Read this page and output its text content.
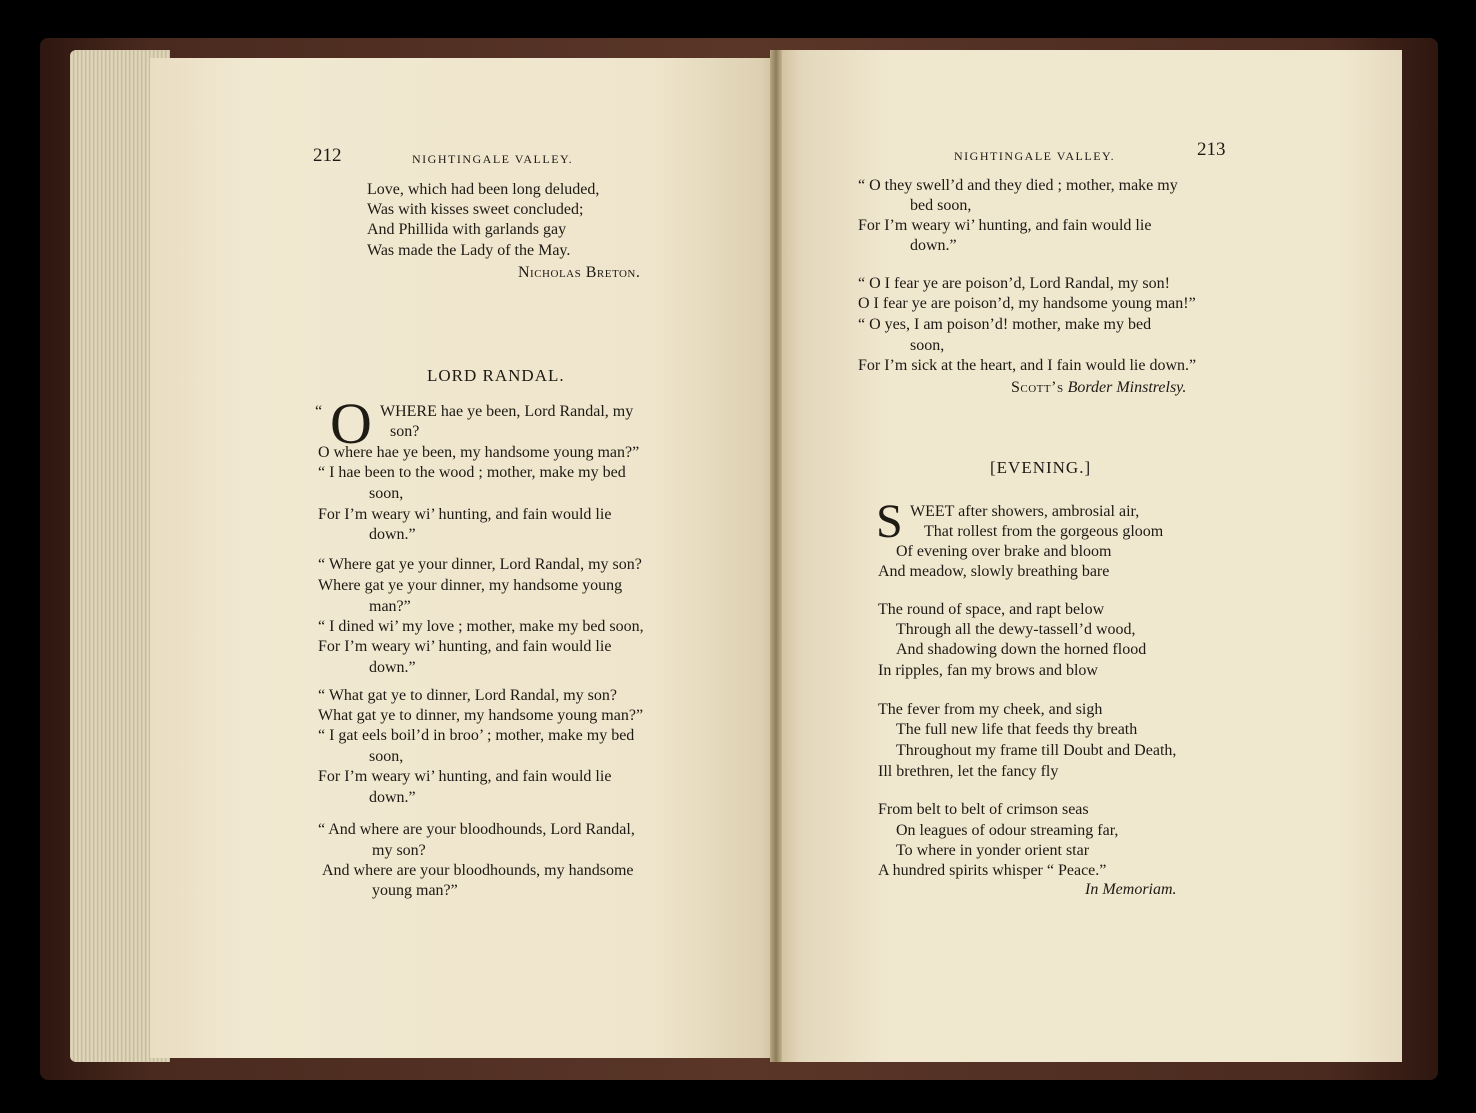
212	NIGHTINGALE VALLEY.
Love, which had been long deluded,
Was with kisses sweet concluded;
And Phillida with garlands gay
Was made the Lady of the May.
Nicholas Breton.
LORD RANDAL.
“ O WHERE hae ye been, Lord Randal, my
son?
O where hae ye been, my handsome young man?”
“ I hae been to the wood ; mother, make my bed
soon,
For I’m weary wi’ hunting, and fain would lie
down.”
“ Where gat ye your dinner, Lord Randal, my son?
Where gat ye your dinner, my handsome young
man?”
“ I dined wi’ my love ; mother, make my bed soon,
For I’m weary wi’ hunting, and fain would lie
down.”
“ What gat ye to dinner, Lord Randal, my son?
What gat ye to dinner, my handsome young man?”
“ I gat eels boil’d in broo’ ; mother, make my bed
soon,
For I’m weary wi’ hunting, and fain would lie
down.”
“ And where are your bloodhounds, Lord Randal,
my son?
And where are your bloodhounds, my handsome
young man?”
NIGHTINGALE VALLEY.	213
“ O they swell’d and they died ; mother, make my
bed soon,
For I’m weary wi’ hunting, and fain would lie
down.”
“ O I fear ye are poison’d, Lord Randal, my son!
O I fear ye are poison’d, my handsome young man!”
“ O yes, I am poison’d! mother, make my bed
soon,
For I’m sick at the heart, and I fain would lie down.”
Scott’s Border Minstrelsy.
[EVENING.]
S WEET after showers, ambrosial air,
That rollest from the gorgeous gloom
Of evening over brake and bloom
And meadow, slowly breathing bare
The round of space, and rapt below
Through all the dewy-tassell’d wood,
And shadowing down the horned flood
In ripples, fan my brows and blow
The fever from my cheek, and sigh
The full new life that feeds thy breath
Throughout my frame till Doubt and Death,
Ill brethren, let the fancy fly
From belt to belt of crimson seas
On leagues of odour streaming far,
To where in yonder orient star
A hundred spirits whisper “ Peace.”
In Memoriam.
